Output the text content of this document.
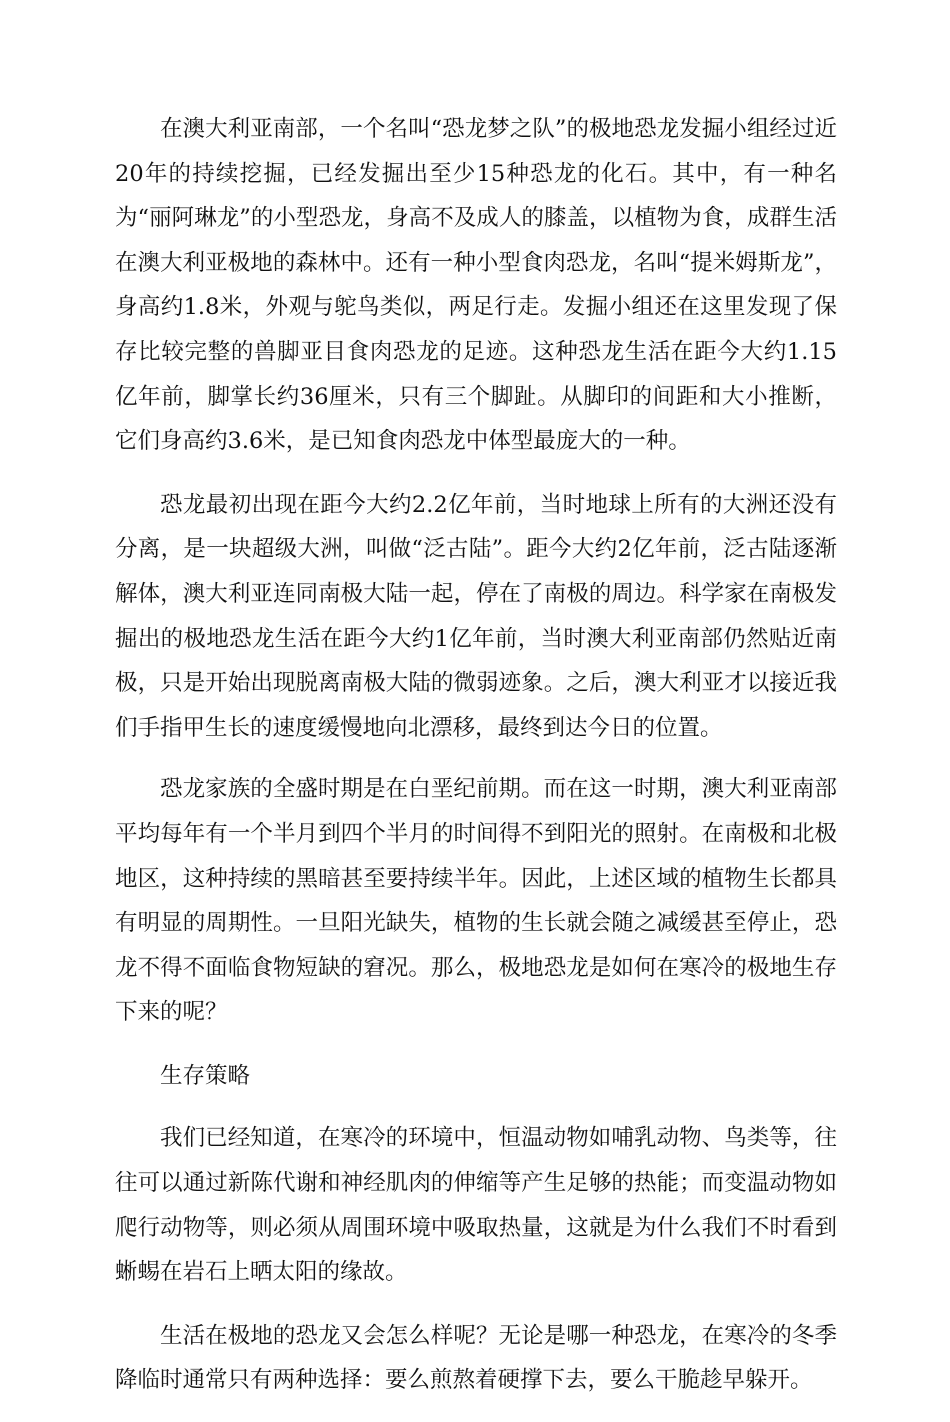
在澳大利亚南部，一个名叫“恐龙梦之队”的极地恐龙发掘小组经过近20年的持续挖掘，已经发掘出至少15种恐龙的化石。其中，有一种名为“丽阿琳龙”的小型恐龙，身高不及成人的膝盖，以植物为食，成群生活在澳大利亚极地的森林中。还有一种小型食肉恐龙，名叫“提米姆斯龙”，身高约1.8米，外观与鸵鸟类似，两足行走。发掘小组还在这里发现了保存比较完整的兽脚亚目食肉恐龙的足迹。这种恐龙生活在距今大约1.15亿年前，脚掌长约36厘米，只有三个脚趾。从脚印的间距和大小推断，它们身高约3.6米，是已知食肉恐龙中体型最庞大的一种。

恐龙最初出现在距今大约2.2亿年前，当时地球上所有的大洲还没有分离，是一块超级大洲，叫做“泛古陆”。距今大约2亿年前，泛古陆逐渐解体，澳大利亚连同南极大陆一起，停在了南极的周边。科学家在南极发掘出的极地恐龙生活在距今大约1亿年前，当时澳大利亚南部仍然贴近南极，只是开始出现脱离南极大陆的微弱迹象。之后，澳大利亚才以接近我们手指甲生长的速度缓慢地向北漂移，最终到达今日的位置。

恐龙家族的全盛时期是在白垩纪前期。而在这一时期，澳大利亚南部平均每年有一个半月到四个半月的时间得不到阳光的照射。在南极和北极地区，这种持续的黑暗甚至要持续半年。因此，上述区域的植物生长都具有明显的周期性。一旦阳光缺失，植物的生长就会随之减缓甚至停止，恐龙不得不面临食物短缺的窘况。那么，极地恐龙是如何在寒冷的极地生存下来的呢？

生存策略

我们已经知道，在寒冷的环境中，恒温动物如哺乳动物、鸟类等，往往可以通过新陈代谢和神经肌肉的伸缩等产生足够的热能；而变温动物如爬行动物等，则必须从周围环境中吸取热量，这就是为什么我们不时看到蜥蜴在岩石上晒太阳的缘故。

生活在极地的恐龙又会怎么样呢？无论是哪一种恐龙，在寒冷的冬季降临时通常只有两种选择：要么煎熬着硬撑下去，要么干脆趁早躲开。
